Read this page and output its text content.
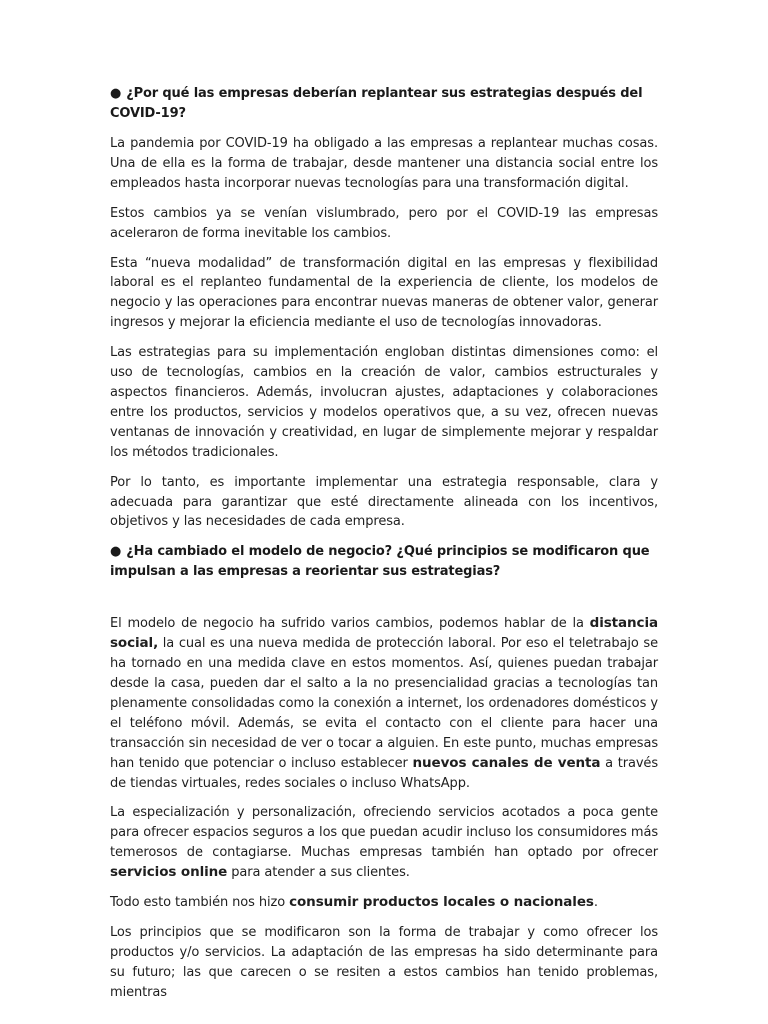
● ¿Por qué las empresas deberían replantear sus estrategias después del COVID-19?

La pandemia por COVID-19 ha obligado a las empresas a replantear muchas cosas. Una de ella es la forma de trabajar, desde mantener una distancia social entre los empleados hasta incorporar nuevas tecnologías para una transformación digital.

Estos cambios ya se venían vislumbrado, pero por el COVID-19 las empresas aceleraron de forma inevitable los cambios.

Esta “nueva modalidad” de transformación digital en las empresas y flexibilidad laboral es el replanteo fundamental de la experiencia de cliente, los modelos de negocio y las operaciones para encontrar nuevas maneras de obtener valor, generar ingresos y mejorar la eficiencia mediante el uso de tecnologías innovadoras.

Las estrategias para su implementación engloban distintas dimensiones como: el uso de tecnologías, cambios en la creación de valor, cambios estructurales y aspectos financieros. Además, involucran ajustes, adaptaciones y colaboraciones entre los productos, servicios y modelos operativos que, a su vez, ofrecen nuevas ventanas de innovación y creatividad, en lugar de simplemente mejorar y respaldar los métodos tradicionales.

Por lo tanto, es importante implementar una estrategia responsable, clara y adecuada para garantizar que esté directamente alineada con los incentivos, objetivos y las necesidades de cada empresa.

● ¿Ha cambiado el modelo de negocio? ¿Qué principios se modificaron que impulsan a las empresas a reorientar sus estrategias?

El modelo de negocio ha sufrido varios cambios, podemos hablar de la distancia social, la cual es una nueva medida de protección laboral. Por eso el teletrabajo se ha tornado en una medida clave en estos momentos. Así, quienes puedan trabajar desde la casa, pueden dar el salto a la no presencialidad gracias a tecnologías tan plenamente consolidadas como la conexión a internet, los ordenadores domésticos y el teléfono móvil. Además, se evita el contacto con el cliente para hacer una transacción sin necesidad de ver o tocar a alguien. En este punto, muchas empresas han tenido que potenciar o incluso establecer nuevos canales de venta a través de tiendas virtuales, redes sociales o incluso WhatsApp.

La especialización y personalización, ofreciendo servicios acotados a poca gente para ofrecer espacios seguros a los que puedan acudir incluso los consumidores más temerosos de contagiarse. Muchas empresas también han optado por ofrecer servicios online para atender a sus clientes.

Todo esto también nos hizo consumir productos locales o nacionales.

Los principios que se modificaron son la forma de trabajar y como ofrecer los productos y/o servicios. La adaptación de las empresas ha sido determinante para su futuro; las que carecen o se resiten a estos cambios han tenido problemas, mientras
